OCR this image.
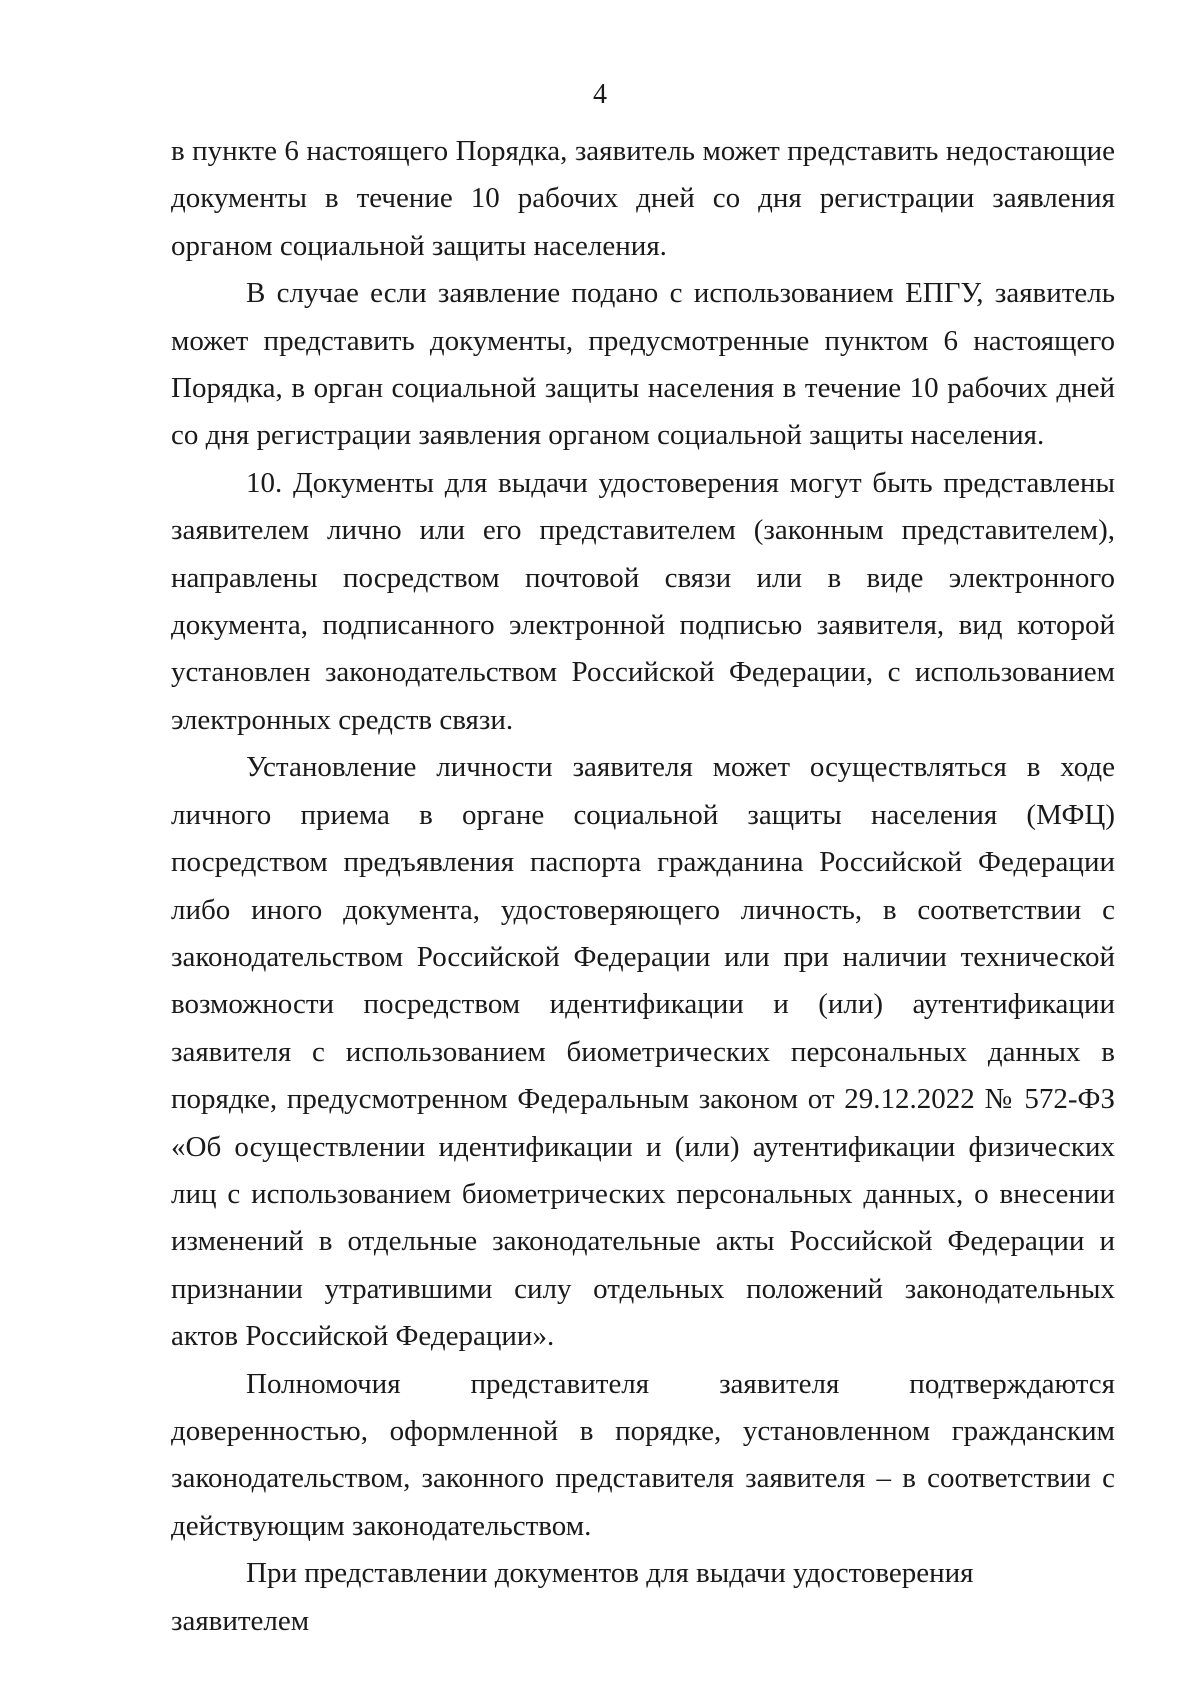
4

в пункте 6 настоящего Порядка, заявитель может представить недостающие документы в течение 10 рабочих дней со дня регистрации заявления органом социальной защиты населения.

В случае если заявление подано с использованием ЕПГУ, заявитель может представить документы, предусмотренные пунктом 6 настоящего Порядка, в орган социальной защиты населения в течение 10 рабочих дней со дня регистрации заявления органом социальной защиты населения.

10. Документы для выдачи удостоверения могут быть представлены заявителем лично или его представителем (законным представителем), направлены посредством почтовой связи или в виде электронного документа, подписанного электронной подписью заявителя, вид которой установлен законодательством Российской Федерации, с использованием электронных средств связи.

Установление личности заявителя может осуществляться в ходе личного приема в органе социальной защиты населения (МФЦ) посредством предъявления паспорта гражданина Российской Федерации либо иного документа, удостоверяющего личность, в соответствии с законодательством Российской Федерации или при наличии технической возможности посредством идентификации и (или) аутентификации заявителя с использованием биометрических персональных данных в порядке, предусмотренном Федеральным законом от 29.12.2022 № 572-ФЗ «Об осуществлении идентификации и (или) аутентификации физических лиц с использованием биометрических персональных данных, о внесении изменений в отдельные законодательные акты Российской Федерации и признании утратившими силу отдельных положений законодательных актов Российской Федерации».

Полномочия представителя заявителя подтверждаются доверенностью, оформленной в порядке, установленном гражданским законодательством, законного представителя заявителя – в соответствии с действующим законодательством.

При представлении документов для выдачи удостоверения заявителем
